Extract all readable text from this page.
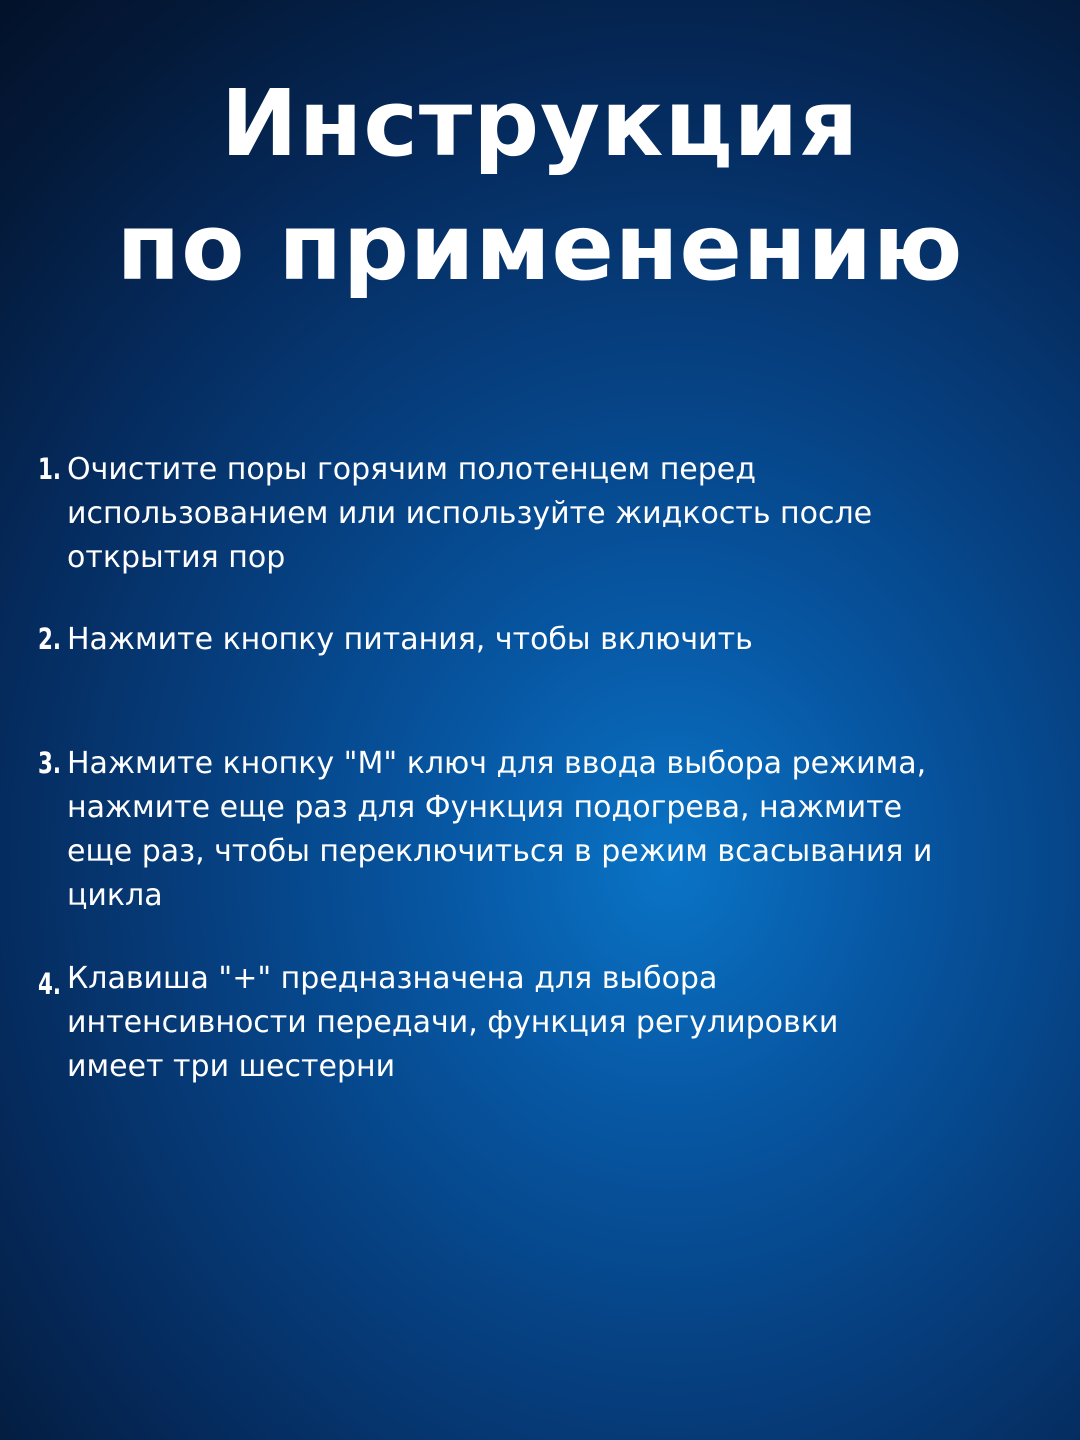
Инструкция
по применению
1. Очистите поры горячим полотенцем перед
использованием или используйте жидкость после
открытия пор
2. Нажмите кнопку питания, чтобы включить
3. Нажмите кнопку "M" ключ для ввода выбора режима,
нажмите еще раз для Функция подогрева, нажмите
еще раз, чтобы переключиться в режим всасывания и
цикла
4. Клавиша "+" предназначена для выбора
интенсивности передачи, функция регулировки
имеет три шестерни
